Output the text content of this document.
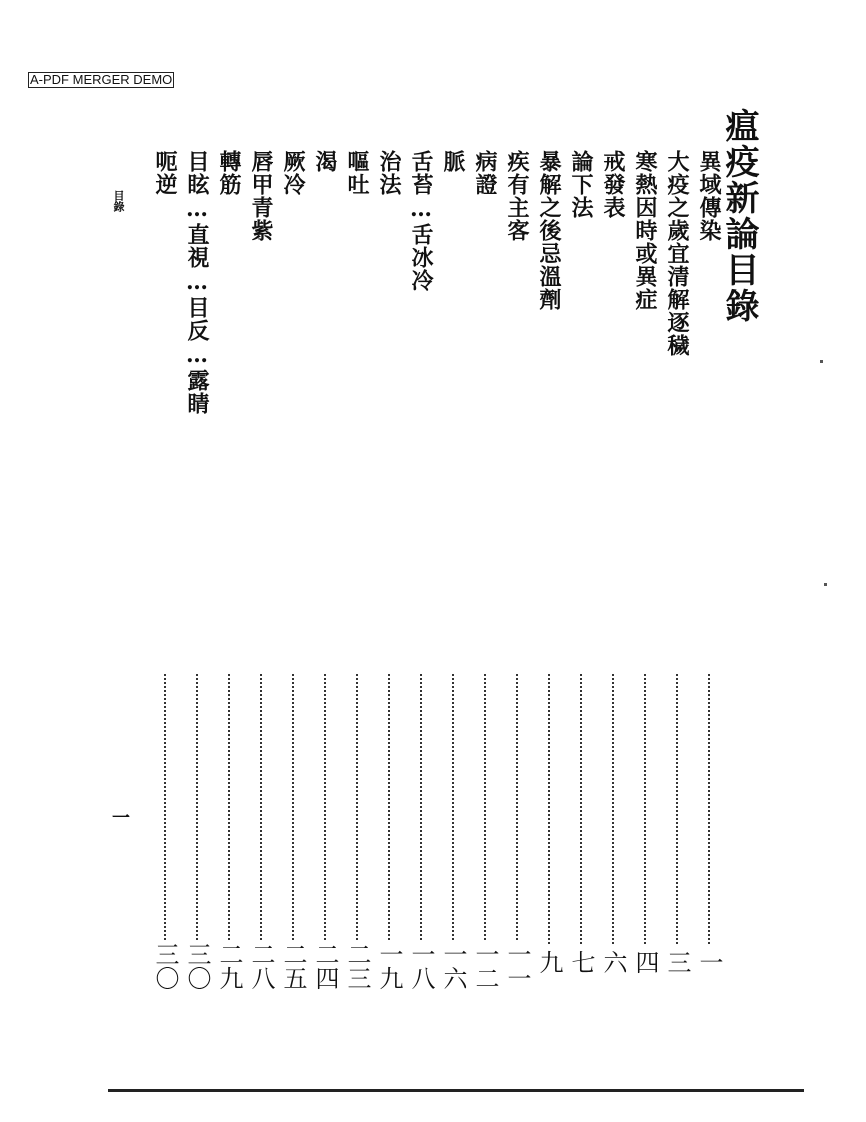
A-PDF MERGER DEMO
瘟疫新論目錄
異域傳染
一
大疫之歲宜清解逐穢
三
寒熱因時或異症
四
戒發表
六
論下法
七
暴解之後忌溫劑
九
疾有主客
一一
病證
一二
脈
一六
舌苔…舌冰冷
一八
治法
一九
嘔吐
二三
渴
二四
厥冷
二五
唇甲青紫
二八
轉筋
二九
目眩…直視…目反…露睛
三〇
呃逆
三〇
目錄
一
